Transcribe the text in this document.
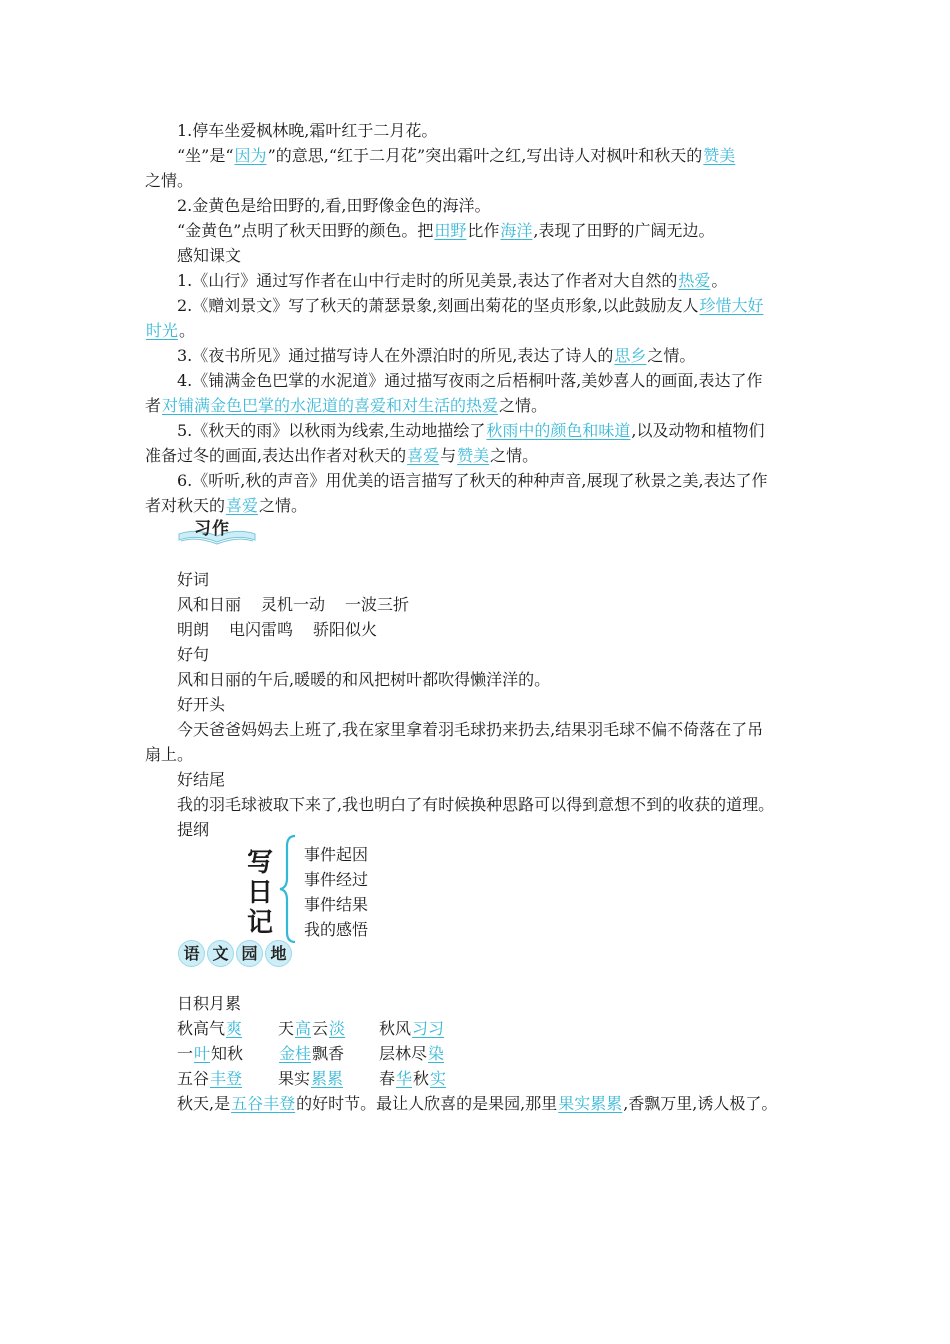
1.停车坐爱枫林晚,霜叶红于二月花。
“坐”是“因为”的意思,“红于二月花”突出霜叶之红,写出诗人对枫叶和秋天的赞美
之情。
2.金黄色是给田野的,看,田野像金色的海洋。
“金黄色”点明了秋天田野的颜色。把田野比作海洋,表现了田野的广阔无边。
感知课文
1.《山行》通过写作者在山中行走时的所见美景,表达了作者对大自然的热爱。
2.《赠刘景文》写了秋天的萧瑟景象,刻画出菊花的坚贞形象,以此鼓励友人珍惜大好
时光。
3.《夜书所见》通过描写诗人在外漂泊时的所见,表达了诗人的思乡之情。
4.《铺满金色巴掌的水泥道》通过描写夜雨之后梧桐叶落,美妙喜人的画面,表达了作
者对铺满金色巴掌的水泥道的喜爱和对生活的热爱之情。
5.《秋天的雨》以秋雨为线索,生动地描绘了秋雨中的颜色和味道,以及动物和植物们
准备过冬的画面,表达出作者对秋天的喜爱与赞美之情。
6.《听听,秋的声音》用优美的语言描写了秋天的种种声音,展现了秋景之美,表达了作
者对秋天的喜爱之情。
习作
好词
风和日丽 灵机一动 一波三折
明朗 电闪雷鸣 骄阳似火
好句
风和日丽的午后,暖暖的和风把树叶都吹得懒洋洋的。
好开头
今天爸爸妈妈去上班了,我在家里拿着羽毛球扔来扔去,结果羽毛球不偏不倚落在了吊
扇上。
好结尾
我的羽毛球被取下来了,我也明白了有时候换种思路可以得到意想不到的收获的道理。
提纲
写
日
记
事件起因
事件经过
事件结果
我的感悟
语 文 园 地
日积月累
秋高气爽 天高云淡 秋风习习
一叶知秋 金桂飘香 层林尽染
五谷丰登 果实累累 春华秋实
秋天,是五谷丰登的好时节。最让人欣喜的是果园,那里果实累累,香飘万里,诱人极了。
